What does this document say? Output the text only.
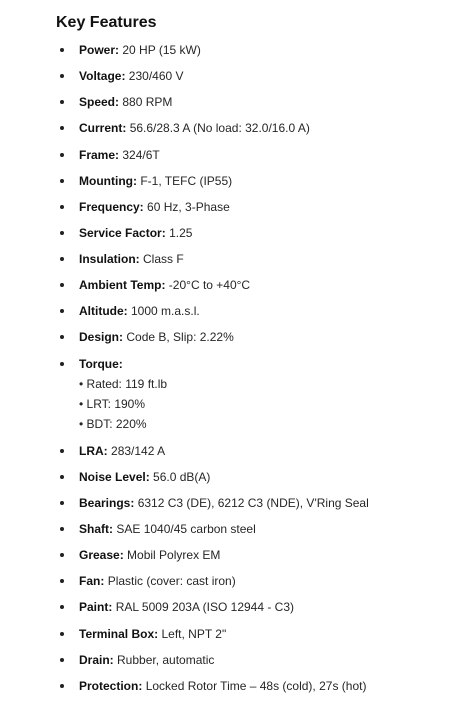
Key Features
Power: 20 HP (15 kW)
Voltage: 230/460 V
Speed: 880 RPM
Current: 56.6/28.3 A (No load: 32.0/16.0 A)
Frame: 324/6T
Mounting: F-1, TEFC (IP55)
Frequency: 60 Hz, 3-Phase
Service Factor: 1.25
Insulation: Class F
Ambient Temp: -20°C to +40°C
Altitude: 1000 m.a.s.l.
Design: Code B, Slip: 2.22%
Torque:
• Rated: 119 ft.lb
• LRT: 190%
• BDT: 220%
LRA: 283/142 A
Noise Level: 56.0 dB(A)
Bearings: 6312 C3 (DE), 6212 C3 (NDE), V'Ring Seal
Shaft: SAE 1040/45 carbon steel
Grease: Mobil Polyrex EM
Fan: Plastic (cover: cast iron)
Paint: RAL 5009 203A (ISO 12944 - C3)
Terminal Box: Left, NPT 2"
Drain: Rubber, automatic
Protection: Locked Rotor Time – 48s (cold), 27s (hot)
